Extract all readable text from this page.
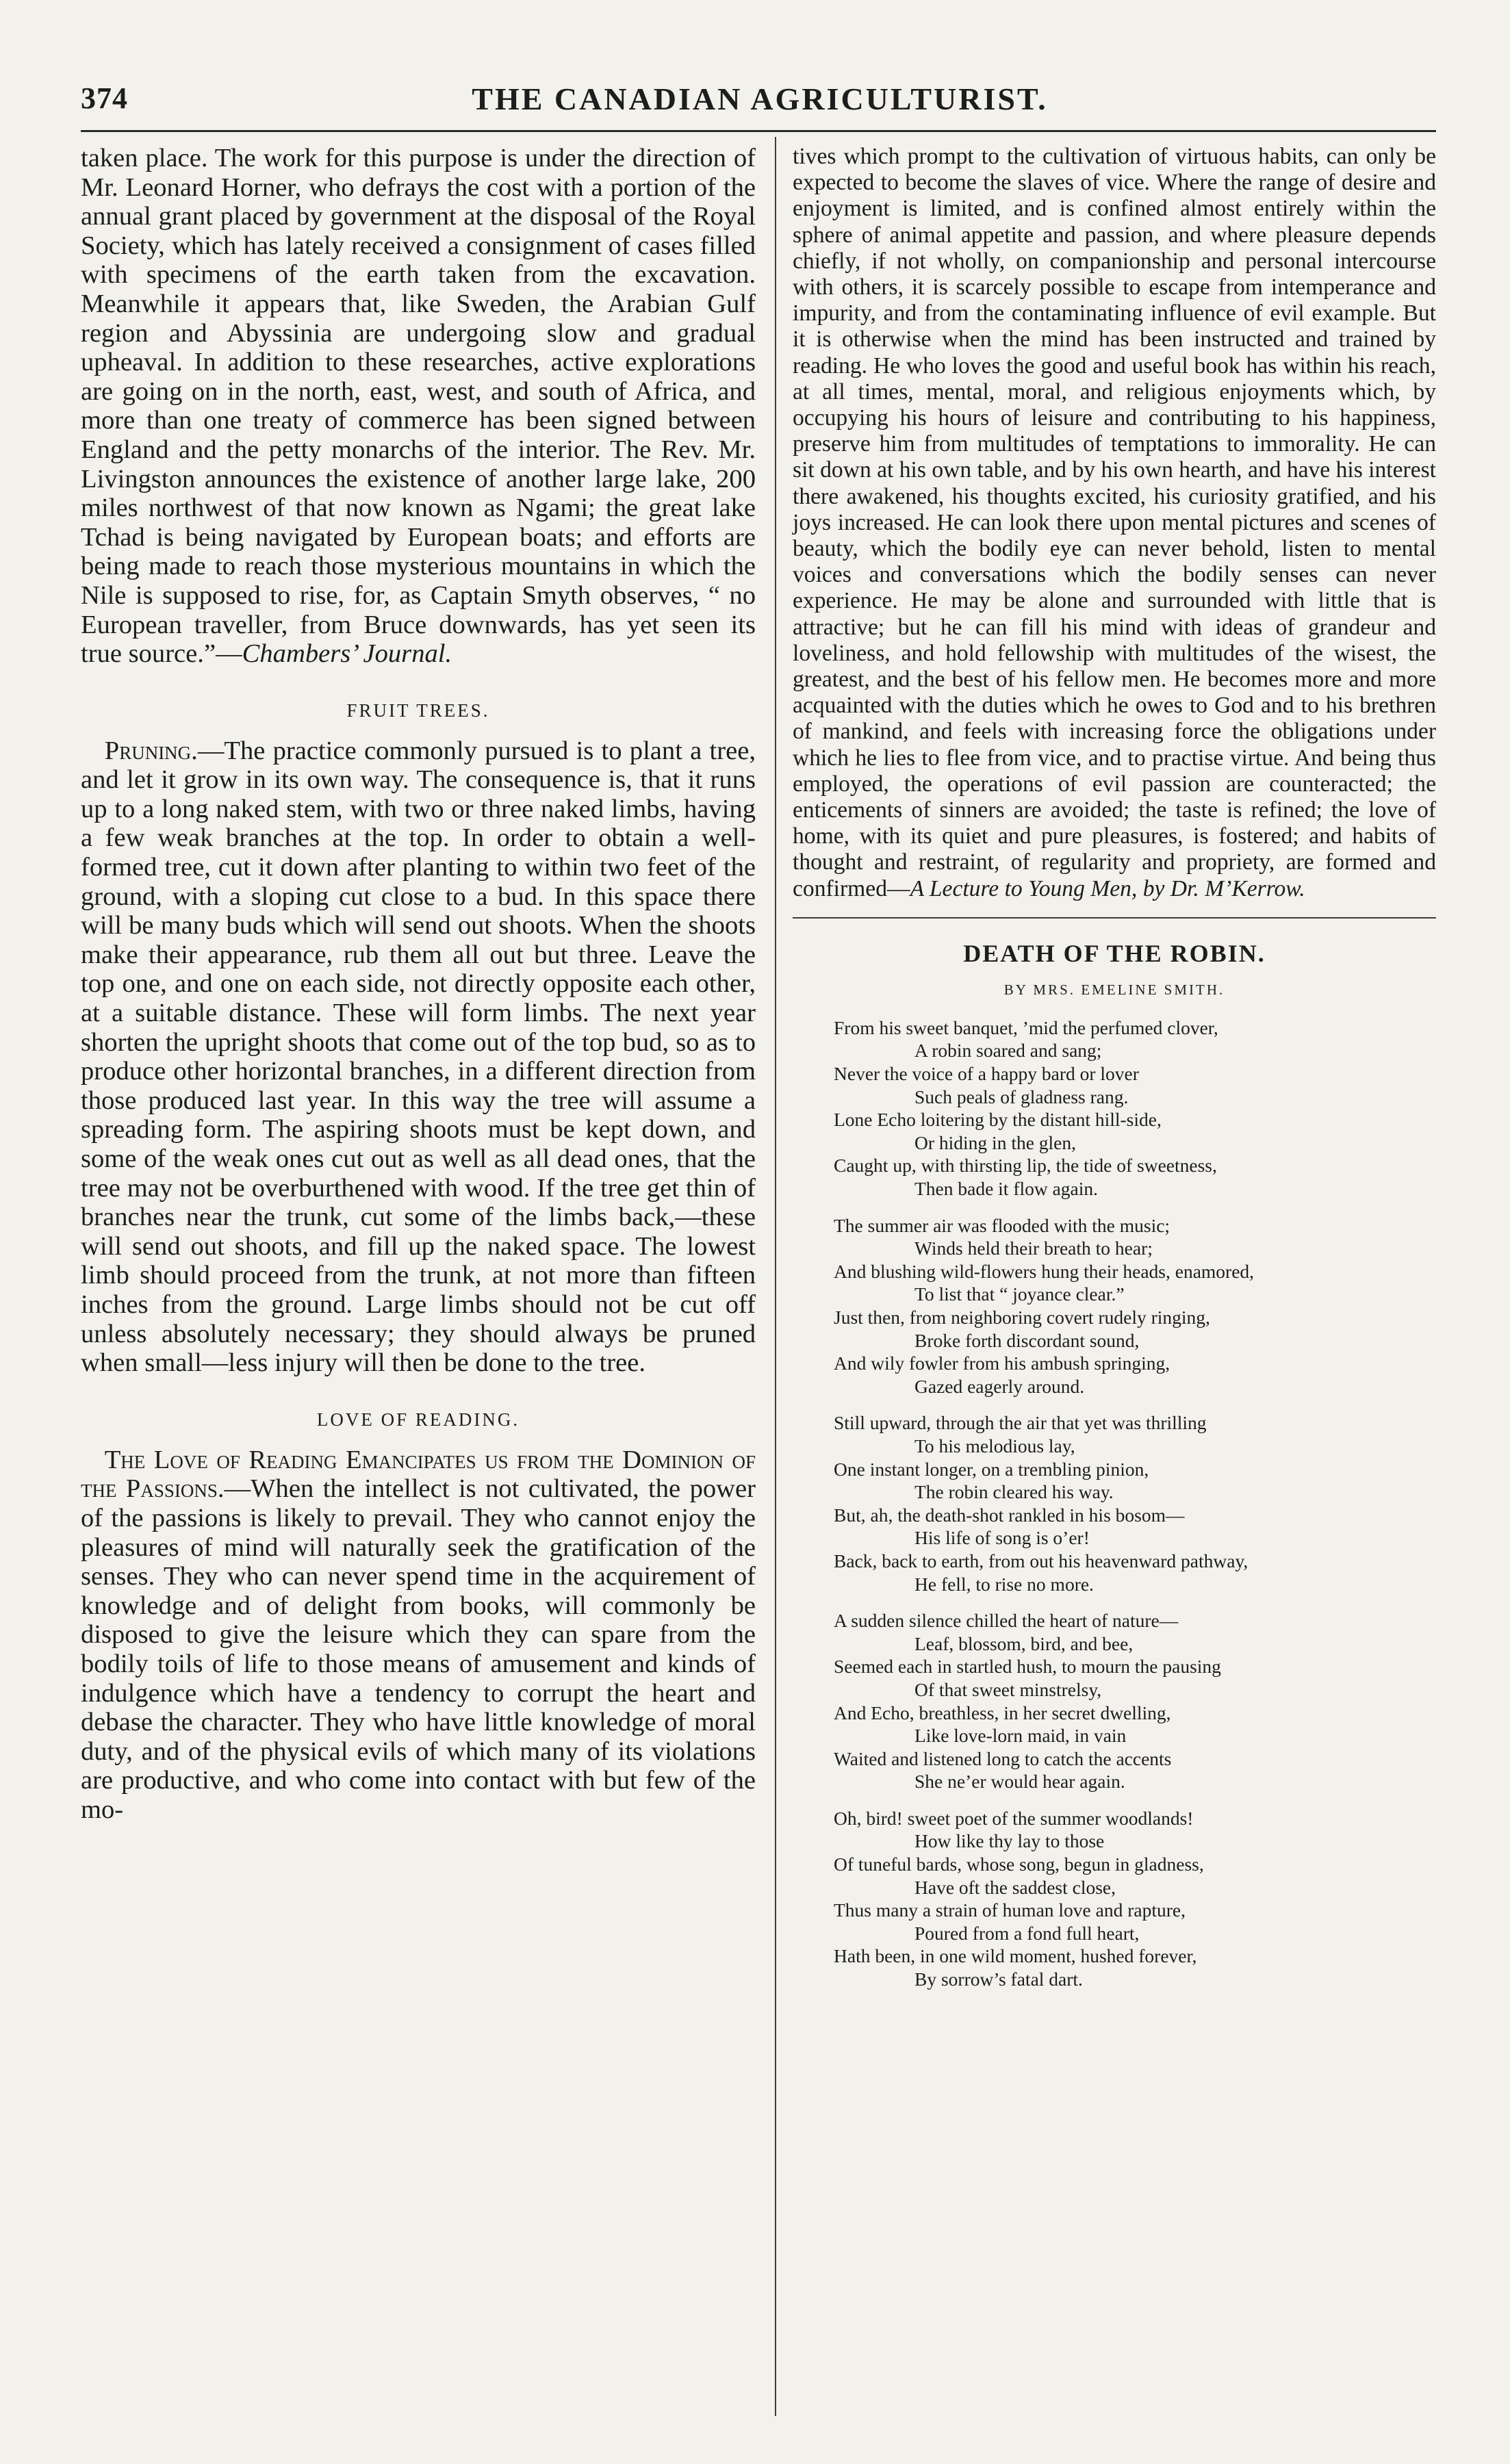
374	THE CANADIAN AGRICULTURIST.

taken place. The work for this purpose is under the direction of Mr. Leonard Horner, who defrays the cost with a portion of the annual grant placed by government at the disposal of the Royal Society, which has lately received a consignment of cases filled with specimens of the earth taken from the excavation. Meanwhile it appears that, like Sweden, the Arabian Gulf region and Abyssinia are undergoing slow and gradual upheaval. In addition to these researches, active explorations are going on in the north, east, west, and south of Africa, and more than one treaty of commerce has been signed between England and the petty monarchs of the interior. The Rev. Mr. Livingston announces the existence of another large lake, 200 miles northwest of that now known as Ngami; the great lake Tchad is being navigated by European boats; and efforts are being made to reach those mysterious mountains in which the Nile is supposed to rise, for, as Captain Smyth observes, “ no European traveller, from Bruce downwards, has yet seen its true source.”—Chambers’ Journal.

FRUIT TREES.

Pruning.—The practice commonly pursued is to plant a tree, and let it grow in its own way. The consequence is, that it runs up to a long naked stem, with two or three naked limbs, having a few weak branches at the top. In order to obtain a well-formed tree, cut it down after planting to within two feet of the ground, with a sloping cut close to a bud. In this space there will be many buds which will send out shoots. When the shoots make their appearance, rub them all out but three. Leave the top one, and one on each side, not directly opposite each other, at a suitable distance. These will form limbs. The next year shorten the upright shoots that come out of the top bud, so as to produce other horizontal branches, in a different direction from those produced last year. In this way the tree will assume a spreading form. The aspiring shoots must be kept down, and some of the weak ones cut out as well as all dead ones, that the tree may not be overburthened with wood. If the tree get thin of branches near the trunk, cut some of the limbs back,—these will send out shoots, and fill up the naked space. The lowest limb should proceed from the trunk, at not more than fifteen inches from the ground. Large limbs should not be cut off unless absolutely necessary; they should always be pruned when small—less injury will then be done to the tree.

LOVE OF READING.

The Love of Reading Emancipates us from the Dominion of the Passions.—When the intellect is not cultivated, the power of the passions is likely to prevail. They who cannot enjoy the pleasures of mind will naturally seek the gratification of the senses. They who can never spend time in the acquirement of knowledge and of delight from books, will commonly be disposed to give the leisure which they can spare from the bodily toils of life to those means of amusement and kinds of indulgence which have a tendency to corrupt the heart and debase the character. They who have little knowledge of moral duty, and of the physical evils of which many of its violations are productive, and who come into contact with but few of the mo-

tives which prompt to the cultivation of virtuous habits, can only be expected to become the slaves of vice. Where the range of desire and enjoyment is limited, and is confined almost entirely within the sphere of animal appetite and passion, and where pleasure depends chiefly, if not wholly, on companionship and personal intercourse with others, it is scarcely possible to escape from intemperance and impurity, and from the contaminating influence of evil example. But it is otherwise when the mind has been instructed and trained by reading. He who loves the good and useful book has within his reach, at all times, mental, moral, and religious enjoyments which, by occupying his hours of leisure and contributing to his happiness, preserve him from multitudes of temptations to immorality. He can sit down at his own table, and by his own hearth, and have his interest there awakened, his thoughts excited, his curiosity gratified, and his joys increased. He can look there upon mental pictures and scenes of beauty, which the bodily eye can never behold, listen to mental voices and conversations which the bodily senses can never experience. He may be alone and surrounded with little that is attractive; but he can fill his mind with ideas of grandeur and loveliness, and hold fellowship with multitudes of the wisest, the greatest, and the best of his fellow men. He becomes more and more acquainted with the duties which he owes to God and to his brethren of mankind, and feels with increasing force the obligations under which he lies to flee from vice, and to practise virtue. And being thus employed, the operations of evil passion are counteracted; the enticements of sinners are avoided; the taste is refined; the love of home, with its quiet and pure pleasures, is fostered; and habits of thought and restraint, of regularity and propriety, are formed and confirmed—A Lecture to Young Men, by Dr. M’Kerrow.

DEATH OF THE ROBIN.
BY MRS. EMELINE SMITH.
From his sweet banquet, ’mid the perfumed clover,
A robin soared and sang;
Never the voice of a happy bard or lover
Such peals of gladness rang.
Lone Echo loitering by the distant hill-side,
Or hiding in the glen,
Caught up, with thirsting lip, the tide of sweetness,
Then bade it flow again.
The summer air was flooded with the music;
Winds held their breath to hear;
And blushing wild-flowers hung their heads, enamored,
To list that “ joyance clear.”
Just then, from neighboring covert rudely ringing,
Broke forth discordant sound,
And wily fowler from his ambush springing,
Gazed eagerly around.
Still upward, through the air that yet was thrilling
To his melodious lay,
One instant longer, on a trembling pinion,
The robin cleared his way.
But, ah, the death-shot rankled in his bosom—
His life of song is o’er!
Back, back to earth, from out his heavenward pathway,
He fell, to rise no more.
A sudden silence chilled the heart of nature—
Leaf, blossom, bird, and bee,
Seemed each in startled hush, to mourn the pausing
Of that sweet minstrelsy,
And Echo, breathless, in her secret dwelling,
Like love-lorn maid, in vain
Waited and listened long to catch the accents
She ne’er would hear again.
Oh, bird! sweet poet of the summer woodlands!
How like thy lay to those
Of tuneful bards, whose song, begun in gladness,
Have oft the saddest close,
Thus many a strain of human love and rapture,
Poured from a fond full heart,
Hath been, in one wild moment, hushed forever,
By sorrow’s fatal dart.
